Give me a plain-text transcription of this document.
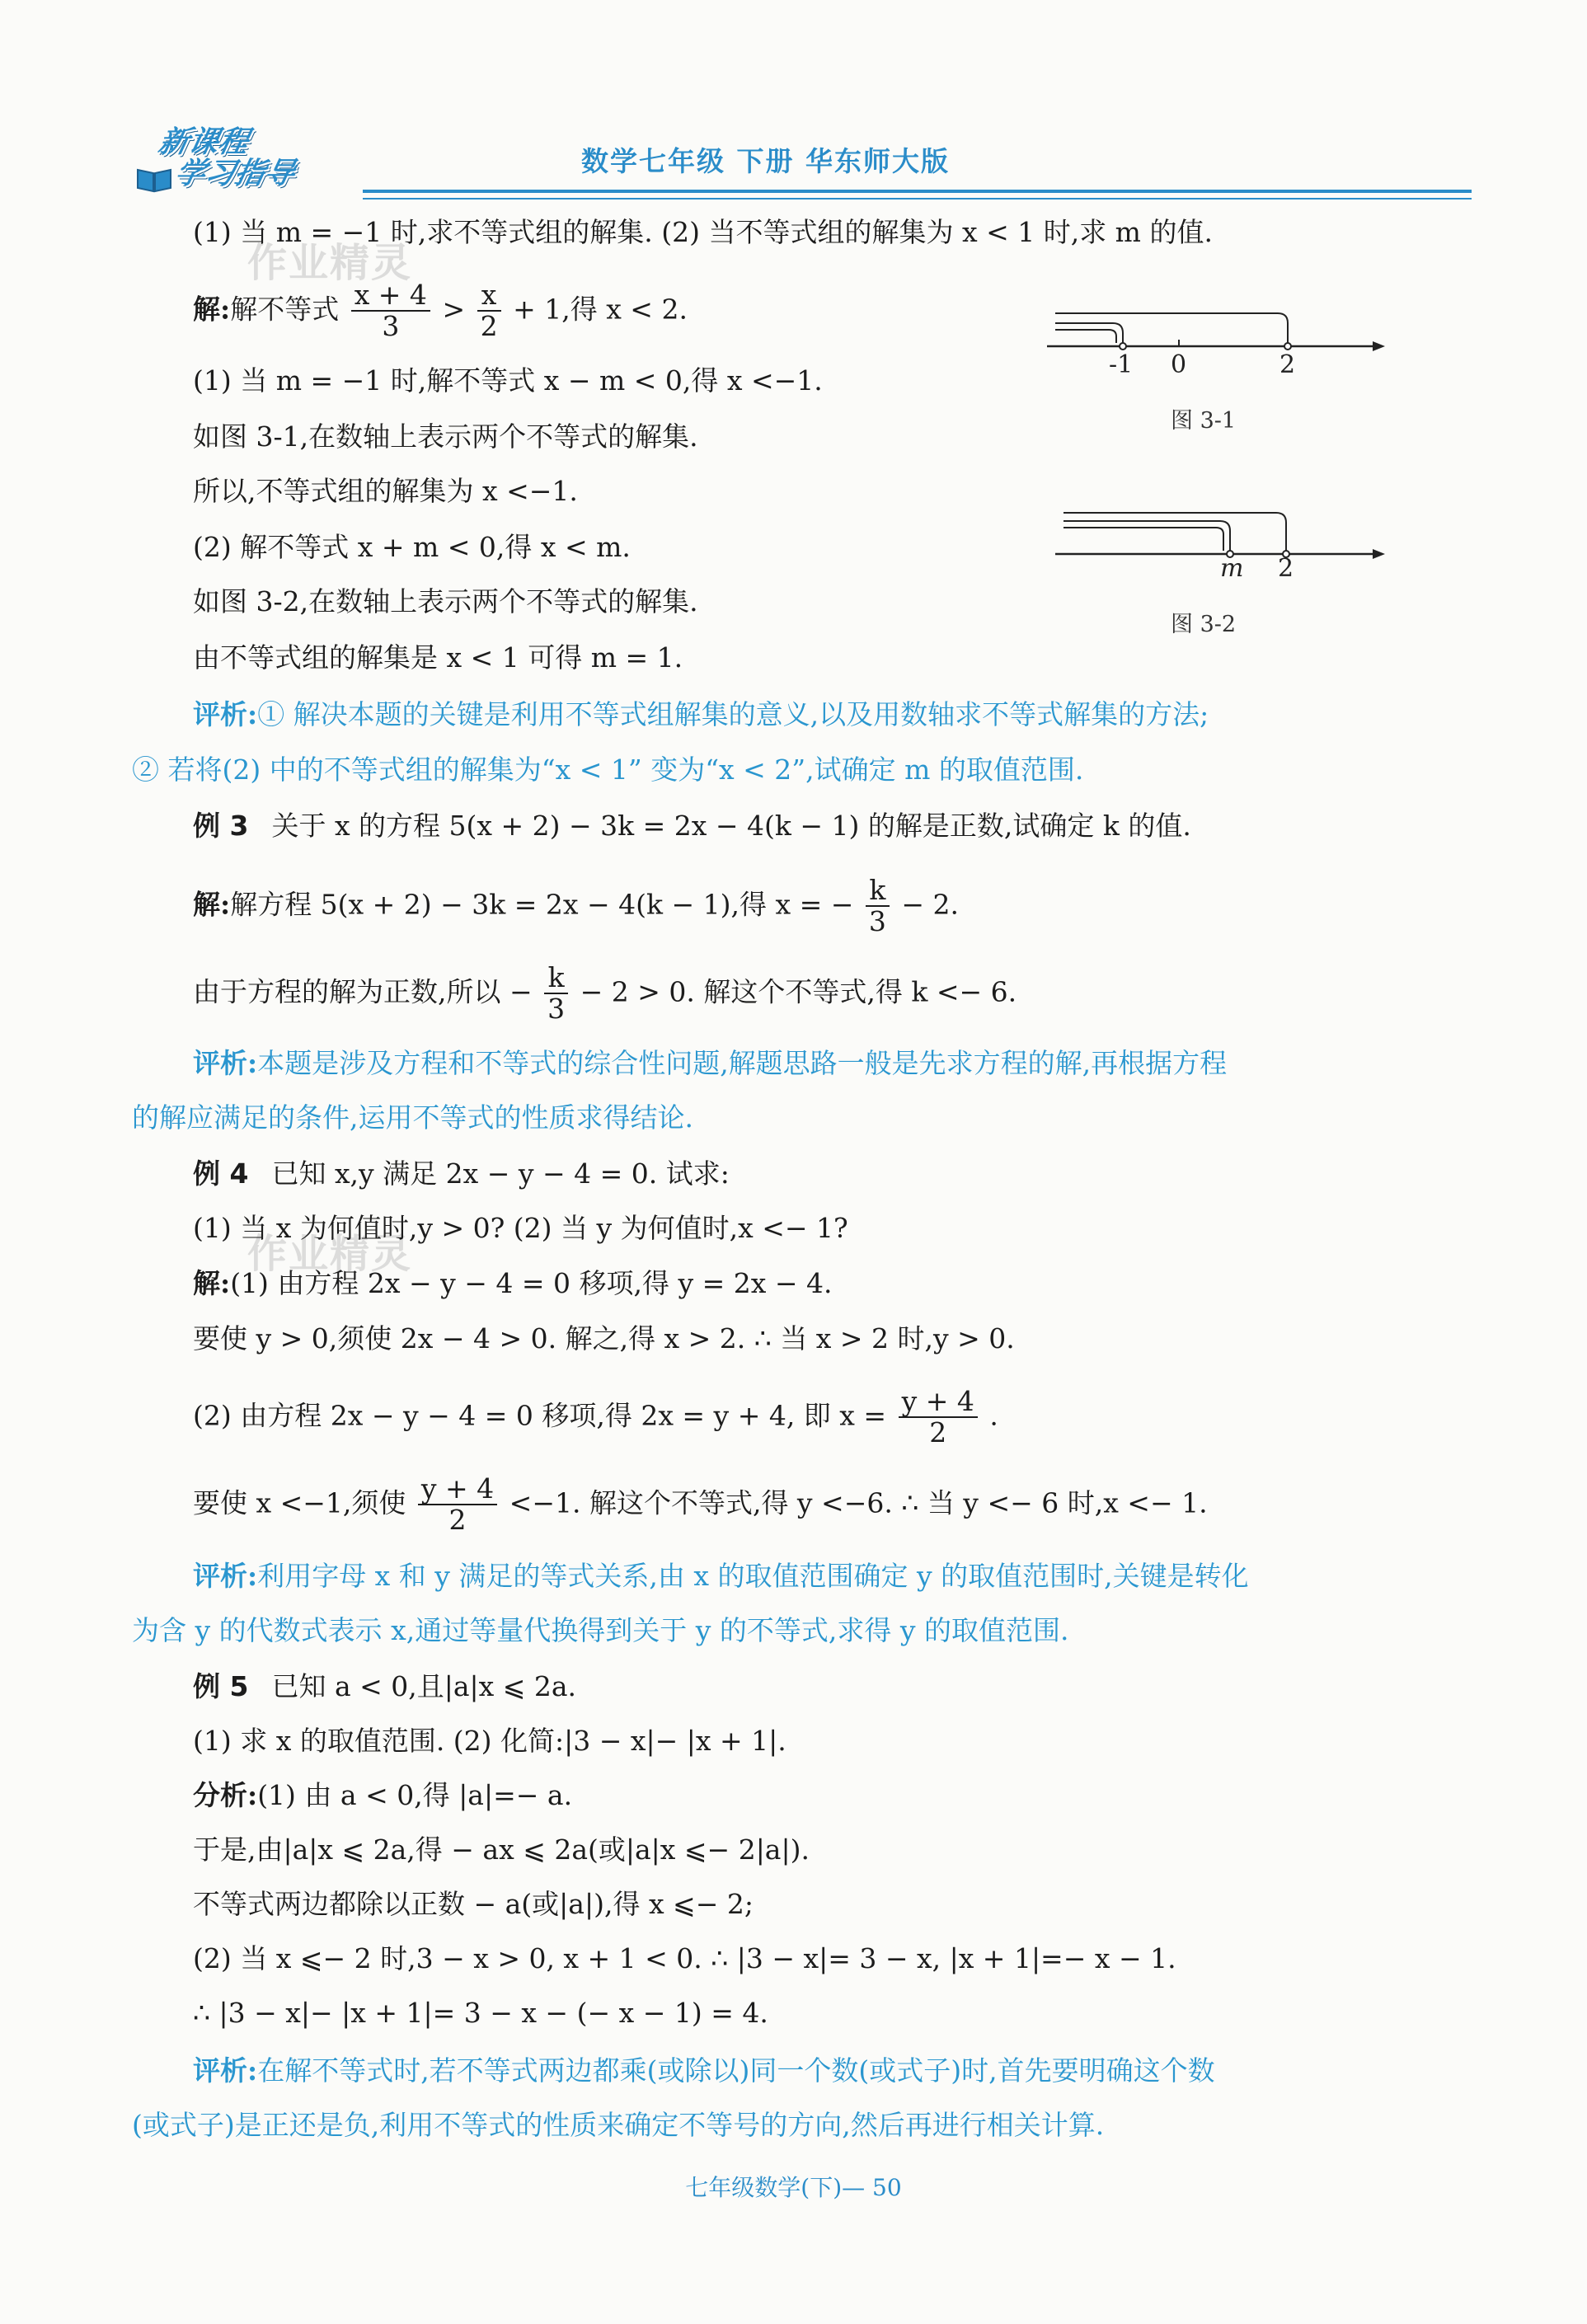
新课程
学习指导	数学七年级 下册 华东师大版
作业精灵
作业精灵
(1) 当 m = −1 时,求不等式组的解集. (2) 当不等式组的解集为 x < 1 时,求 m 的值.
解:解不等式 $\frac{x + 4}{3} > \frac{x}{2} + 1$,得 x < 2.
(1) 当 m = −1 时,解不等式 x − m < 0,得 x <−1.
如图 3-1,在数轴上表示两个不等式的解集.
所以,不等式组的解集为 x <−1.
(2) 解不等式 x + m < 0,得 x < m.
如图 3-2,在数轴上表示两个不等式的解集.
由不等式组的解集是 x < 1 可得 m = 1.
-1 0	2
图 3-1
m 2
图 3-2
评析:① 解决本题的关键是利用不等式组解集的意义,以及用数轴求不等式解集的方法;
② 若将(2) 中的不等式组的解集为“x < 1” 变为“x < 2”,试确定 m 的取值范围.
例 3 关于 x 的方程 5(x + 2) − 3k = 2x − 4(k − 1) 的解是正数,试确定 k 的值.
解:解方程 5(x + 2) − 3k = 2x − 4(k − 1),得 x = − $\frac{k}{3} - 2$.
由于方程的解为正数,所以 − $\frac{k}{3} - 2 > 0$. 解这个不等式,得 k <− 6.
评析:本题是涉及方程和不等式的综合性问题,解题思路一般是先求方程的解,再根据方程
的解应满足的条件,运用不等式的性质求得结论.
例 4 已知 x,y 满足 2x − y − 4 = 0. 试求:
(1) 当 x 为何值时,y > 0? (2) 当 y 为何值时,x <− 1?
解:(1) 由方程 2x − y − 4 = 0 移项,得 y = 2x − 4.
要使 y > 0,须使 2x − 4 > 0. 解之,得 x > 2. ∴ 当 x > 2 时,y > 0.
(2) 由方程 2x − y − 4 = 0 移项,得 2x = y + 4, 即 $x = \frac{y + 4}{2}$ .
要使 x <−1,须使 $\frac{y + 4}{2} <-1$. 解这个不等式,得 y <−6. ∴ 当 y <− 6 时,x <− 1.
评析:利用字母 x 和 y 满足的等式关系,由 x 的取值范围确定 y 的取值范围时,关键是转化
为含 y 的代数式表示 x,通过等量代换得到关于 y 的不等式,求得 y 的取值范围.
例 5 已知 a < 0,且|a|x ⩽ 2a.
(1) 求 x 的取值范围. (2) 化简:|3 − x|− |x + 1|.
分析:(1) 由 a < 0,得 |a|=− a.
于是,由|a|x ⩽ 2a,得 − ax ⩽ 2a(或|a|x ⩽− 2|a|).
不等式两边都除以正数 − a(或|a|),得 x ⩽− 2;
(2) 当 x ⩽− 2 时,3 − x > 0, x + 1 < 0. ∴ |3 − x|= 3 − x, |x + 1|=− x − 1.
∴ |3 − x|− |x + 1|= 3 − x − (− x − 1) = 4.
评析:在解不等式时,若不等式两边都乘(或除以)同一个数(或式子)时,首先要明确这个数
(或式子)是正还是负,利用不等式的性质来确定不等号的方向,然后再进行相关计算.
七年级数学(下)— 50
